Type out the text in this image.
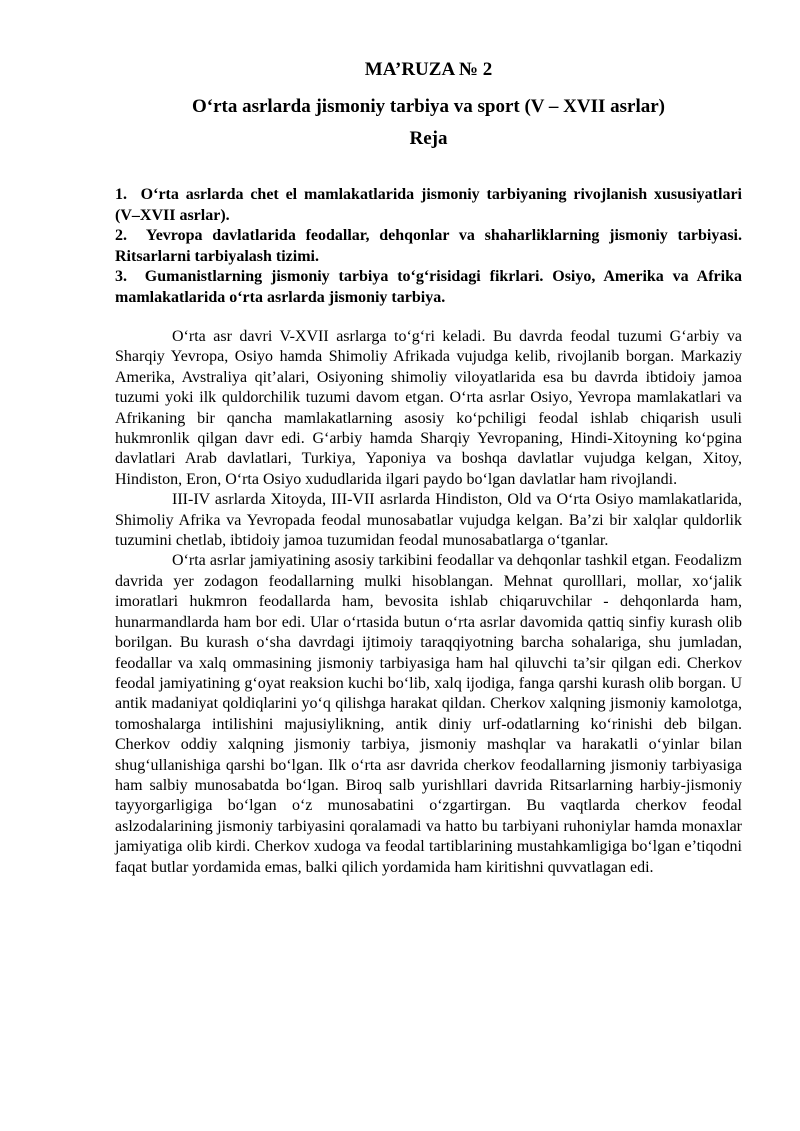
MA’RUZA № 2

O‘rta asrlarda jismoniy tarbiya va sport (V – XVII asrlar)

Reja

1. O‘rta asrlarda chet el mamlakatlarida jismoniy tarbiyaning rivojlanish xususiyatlari (V–XVII asrlar).

2. Yevropa davlatlarida feodallar, dehqonlar va shaharliklarning jismoniy tarbiyasi. Ritsarlarni tarbiyalash tizimi.

3. Gumanistlarning jismoniy tarbiya to‘g‘risidagi fikrlari. Osiyo, Amerika va Afrika mamlakatlarida o‘rta asrlarda jismoniy tarbiya.

O‘rta asr davri V-XVII asrlarga to‘g‘ri keladi. Bu davrda feodal tuzumi G‘arbiy va Sharqiy Yevropa, Osiyo hamda Shimoliy Afrikada vujudga kelib, rivojlanib borgan. Markaziy Amerika, Avstraliya qit’alari, Osiyoning shimoliy viloyatlarida esa bu davrda ibtidoiy jamoa tuzumi yoki ilk quldorchilik tuzumi davom etgan. O‘rta asrlar Osiyo, Yevropa mamlakatlari va Afrikaning bir qancha mamlakatlarning asosiy ko‘pchiligi feodal ishlab chiqarish usuli hukmronlik qilgan davr edi. G‘arbiy hamda Sharqiy Yevropaning, Hindi-Xitoyning ko‘pgina davlatlari Arab davlatlari, Turkiya, Yaponiya va boshqa davlatlar vujudga kelgan, Xitoy, Hindiston, Eron, O‘rta Osiyo xududlarida ilgari paydo bo‘lgan davlatlar ham rivojlandi.

III-IV asrlarda Xitoyda, III-VII asrlarda Hindiston, Old va O‘rta Osiyo mamlakatlarida, Shimoliy Afrika va Yevropada feodal munosabatlar vujudga kelgan. Ba’zi bir xalqlar quldorlik tuzumini chetlab, ibtidoiy jamoa tuzumidan feodal munosabatlarga o‘tganlar.

O‘rta asrlar jamiyatining asosiy tarkibini feodallar va dehqonlar tashkil etgan. Feodalizm davrida yer zodagon feodallarning mulki hisoblangan. Mehnat qurolllari, mollar, xo‘jalik imoratlari hukmron feodallarda ham, bevosita ishlab chiqaruvchilar - dehqonlarda ham, hunarmandlarda ham bor edi. Ular o‘rtasida butun o‘rta asrlar davomida qattiq sinfiy kurash olib borilgan. Bu kurash o‘sha davrdagi ijtimoiy taraqqiyotning barcha sohalariga, shu jumladan, feodallar va xalq ommasining jismoniy tarbiyasiga ham hal qiluvchi ta’sir qilgan edi. Cherkov feodal jamiyatining g‘oyat reaksion kuchi bo‘lib, xalq ijodiga, fanga qarshi kurash olib borgan. U antik madaniyat qoldiqlarini yo‘q qilishga harakat qildan. Cherkov xalqning jismoniy kamolotga, tomoshalarga intilishini majusiylikning, antik diniy urf-odatlarning ko‘rinishi deb bilgan. Cherkov oddiy xalqning jismoniy tarbiya, jismoniy mashqlar va harakatli o‘yinlar bilan shug‘ullanishiga qarshi bo‘lgan. Ilk o‘rta asr davrida cherkov feodallarning jismoniy tarbiyasiga ham salbiy munosabatda bo‘lgan. Biroq salb yurishllari davrida Ritsarlarning harbiy-jismoniy tayyorgarligiga bo‘lgan o‘z munosabatini o‘zgartirgan. Bu vaqtlarda cherkov feodal aslzodalarining jismoniy tarbiyasini qoralamadi va hatto bu tarbiyani ruhoniylar hamda monaxlar jamiyatiga olib kirdi. Cherkov xudoga va feodal tartiblarining mustahkamligiga bo‘lgan e’tiqodni faqat butlar yordamida emas, balki qilich yordamida ham kiritishni quvvatlagan edi.
